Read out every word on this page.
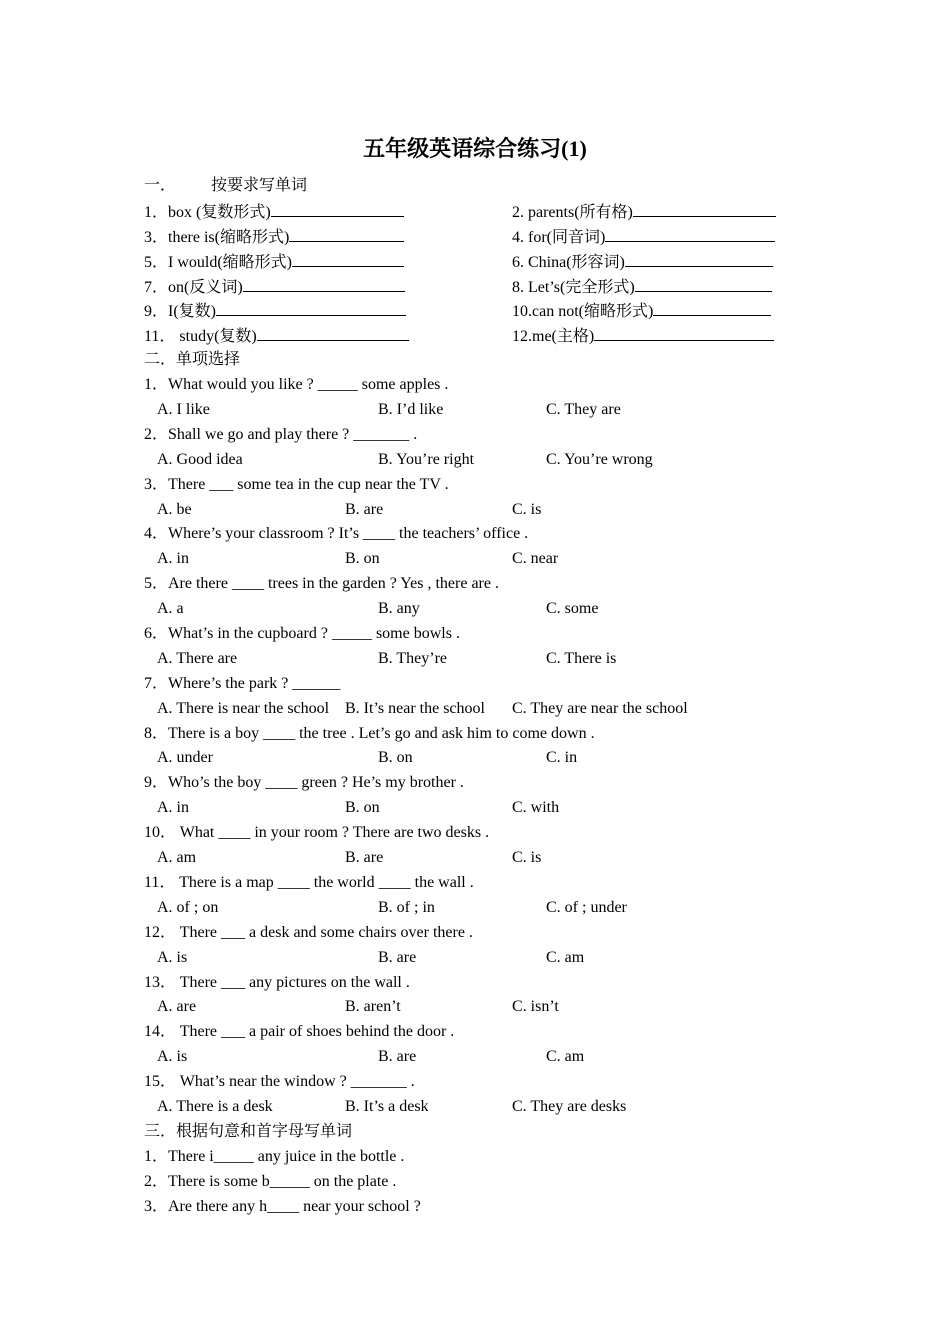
五年级英语综合练习(1)
一． 按要求写单词
1．box (复数形式)	2. parents(所有格)
3．there is(缩略形式)	4. for(同音词)
5．I would(缩略形式)	6. China(形容词)
7．on(反义词)	8. Let’s(完全形式)
9．I(复数)	10.can not(缩略形式)
11． study(复数)	12.me(主格)
二．单项选择
1．What would you like ? _____ some apples .
A. I like	B. I’d like	C. They are
2．Shall we go and play there ? _______ .
A. Good idea	B. You’re right	C. You’re wrong
3．There ___ some tea in the cup near the TV .
A. be	B. are	C. is
4．Where’s your classroom ? It’s ____ the teachers’ office .
A. in	B. on	C. near
5．Are there ____ trees in the garden ? Yes , there are .
A. a	B. any	C. some
6．What’s in the cupboard ? _____ some bowls .
A. There are	B. They’re	C. There is
7．Where’s the park ? ______
A. There is near the school B. It’s near the school C. They are near the school
8．There is a boy ____ the tree . Let’s go and ask him to come down .
A. under	B. on	C. in
9．Who’s the boy ____ green ? He’s my brother .
A. in	B. on	C. with
10． What ____ in your room ? There are two desks .
A. am	B. are	C. is
11． There is a map ____ the world ____ the wall .
A. of ; on	B. of ; in	C. of ; under
12． There ___ a desk and some chairs over there .
A. is	B. are	C. am
13． There ___ any pictures on the wall .
A. are	B. aren’t	C. isn’t
14． There ___ a pair of shoes behind the door .
A. is	B. are	C. am
15． What’s near the window ? _______ .
A. There is a desk	B. It’s a desk	C. They are desks
三．根据句意和首字母写单词
1．There i_____ any juice in the bottle .
2．There is some b_____ on the plate .
3．Are there any h____ near your school ?
